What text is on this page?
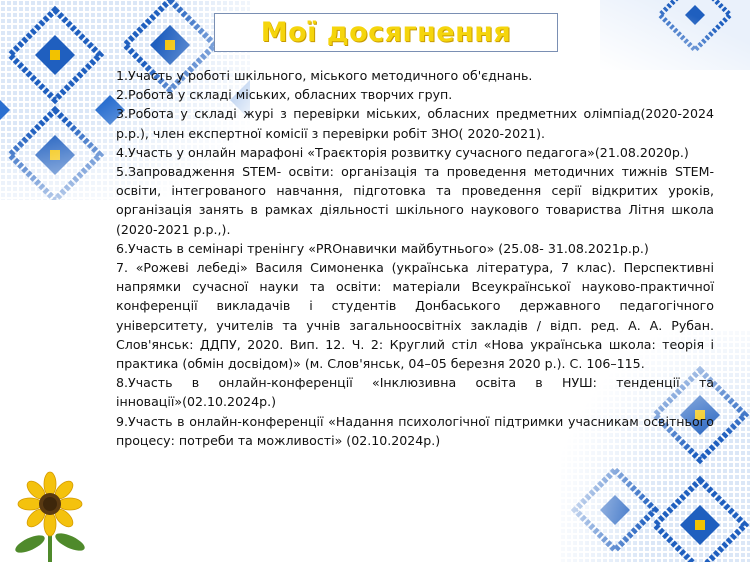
Мої досягнення

1.Участь у роботі шкільного, міського методичного об'єднань.

2.Робота у складі міських, обласних творчих груп.

3.Робота у складі журі з перевірки міських, обласних предметних олімпіад(2020-2024 р.р.), член експертної комісії з перевірки робіт ЗНО( 2020-2021).

4.Участь у онлайн марафоні «Траєкторія розвитку сучасного педагога»(21.08.2020р.)

5.Запровадження STEM- освіти: організація та проведення методичних тижнів STEM-освіти, інтегрованого навчання, підготовка та проведення серії відкритих уроків, організація занять в рамках діяльності шкільного наукового товариства Літня школа (2020-2021 р.р.,).

6.Участь в семінарі тренінгу «PROнавички майбутнього» (25.08- 31.08.2021р.р.)

7. «Рожеві лебеді» Василя Симоненка (українська література, 7 клас). Перспективні напрямки сучасної науки та освіти: матеріали Всеукраїнської науково-практичної конференції викладачів і студентів Донбаського державного педагогічного університету, учителів та учнів загальноосвітніх закладів / відп. ред. А. А. Рубан. Слов'янськ: ДДПУ, 2020. Вип. 12. Ч. 2: Круглий стіл «Нова українська школа: теорія і практика (обмін досвідом)» (м. Слов'янськ, 04–05 березня 2020 р.). С. 106–115.

8.Участь в онлайн-конференції «Інклюзивна освіта в НУШ: тенденції та інновації»(02.10.2024р.)

9.Участь в онлайн-конференції «Надання психологічної підтримки учасникам освітнього процесу: потреби та можливості» (02.10.2024р.)
